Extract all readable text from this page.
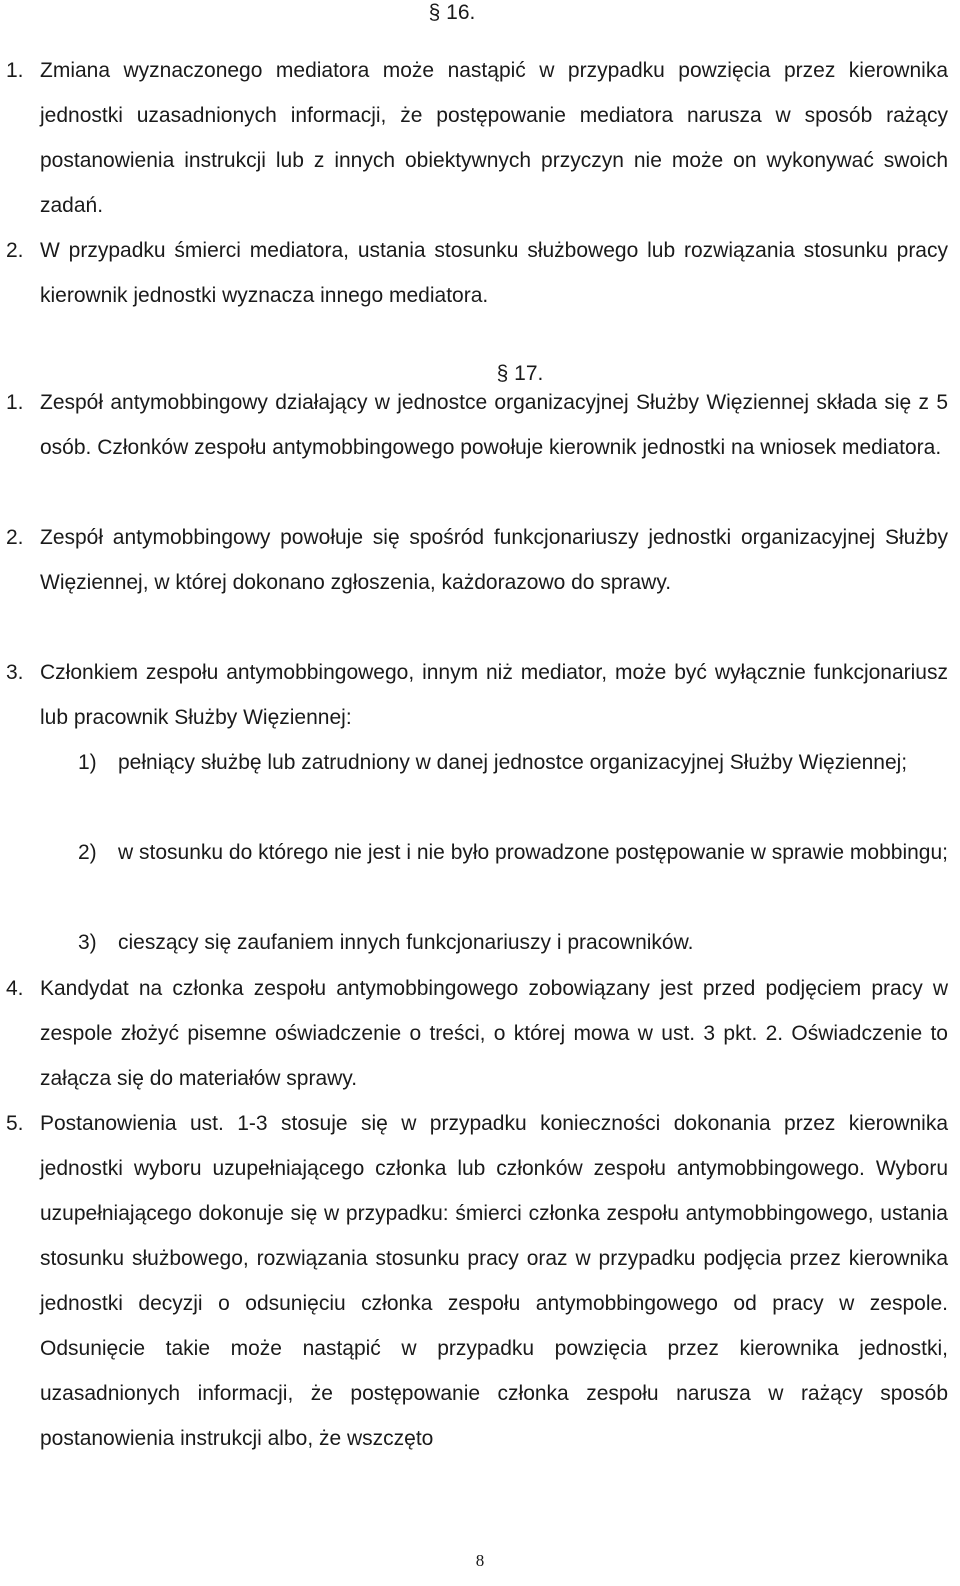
§ 16.
1. Zmiana wyznaczonego mediatora może nastąpić w przypadku powzięcia przez kierownika jednostki uzasadnionych informacji, że postępowanie mediatora narusza w sposób rażący postanowienia instrukcji lub z innych obiektywnych przyczyn nie może on wykonywać swoich zadań.
2. W przypadku śmierci mediatora, ustania stosunku służbowego lub rozwiązania stosunku pracy kierownik jednostki wyznacza innego mediatora.
§ 17.
1. Zespół antymobbingowy działający w jednostce organizacyjnej Służby Więziennej składa się z 5 osób. Członków zespołu antymobbingowego powołuje kierownik jednostki na wniosek mediatora.
2. Zespół antymobbingowy powołuje się spośród funkcjonariuszy jednostki organizacyjnej Służby Więziennej, w której dokonano zgłoszenia, każdorazowo do sprawy.
3. Członkiem zespołu antymobbingowego, innym niż mediator, może być wyłącznie funkcjonariusz lub pracownik Służby Więziennej:
1) pełniący służbę lub zatrudniony w danej jednostce organizacyjnej Służby Więziennej;
2) w stosunku do którego nie jest i nie było prowadzone postępowanie w sprawie mobbingu;
3) cieszący się zaufaniem innych funkcjonariuszy i pracowników.
4. Kandydat na członka zespołu antymobbingowego zobowiązany jest przed podjęciem pracy w zespole złożyć pisemne oświadczenie o treści, o której mowa w ust. 3 pkt. 2. Oświadczenie to załącza się do materiałów sprawy.
5. Postanowienia ust. 1-3 stosuje się w przypadku konieczności dokonania przez kierownika jednostki wyboru uzupełniającego członka lub członków zespołu antymobbingowego. Wyboru uzupełniającego dokonuje się w przypadku: śmierci członka zespołu antymobbingowego, ustania stosunku służbowego, rozwiązania stosunku pracy oraz w przypadku podjęcia przez kierownika jednostki decyzji o odsunięciu członka zespołu antymobbingowego od pracy w zespole. Odsunięcie takie może nastąpić w przypadku powzięcia przez kierownika jednostki, uzasadnionych informacji, że postępowanie członka zespołu narusza w rażący sposób postanowienia instrukcji albo, że wszczęto
8
